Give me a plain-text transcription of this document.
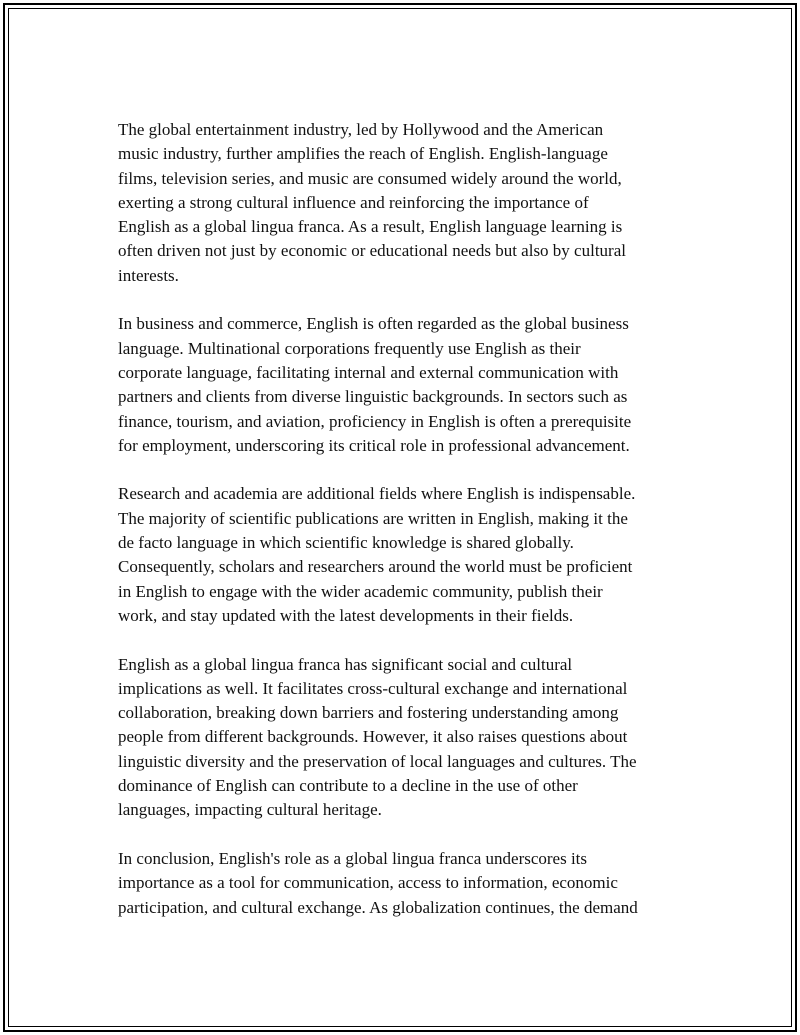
The global entertainment industry, led by Hollywood and the American
music industry, further amplifies the reach of English. English-language
films, television series, and music are consumed widely around the world,
exerting a strong cultural influence and reinforcing the importance of
English as a global lingua franca. As a result, English language learning is
often driven not just by economic or educational needs but also by cultural
interests.

In business and commerce, English is often regarded as the global business
language. Multinational corporations frequently use English as their
corporate language, facilitating internal and external communication with
partners and clients from diverse linguistic backgrounds. In sectors such as
finance, tourism, and aviation, proficiency in English is often a prerequisite
for employment, underscoring its critical role in professional advancement.

Research and academia are additional fields where English is indispensable.
The majority of scientific publications are written in English, making it the
de facto language in which scientific knowledge is shared globally.
Consequently, scholars and researchers around the world must be proficient
in English to engage with the wider academic community, publish their
work, and stay updated with the latest developments in their fields.

English as a global lingua franca has significant social and cultural
implications as well. It facilitates cross-cultural exchange and international
collaboration, breaking down barriers and fostering understanding among
people from different backgrounds. However, it also raises questions about
linguistic diversity and the preservation of local languages and cultures. The
dominance of English can contribute to a decline in the use of other
languages, impacting cultural heritage.

In conclusion, English's role as a global lingua franca underscores its
importance as a tool for communication, access to information, economic
participation, and cultural exchange. As globalization continues, the demand
